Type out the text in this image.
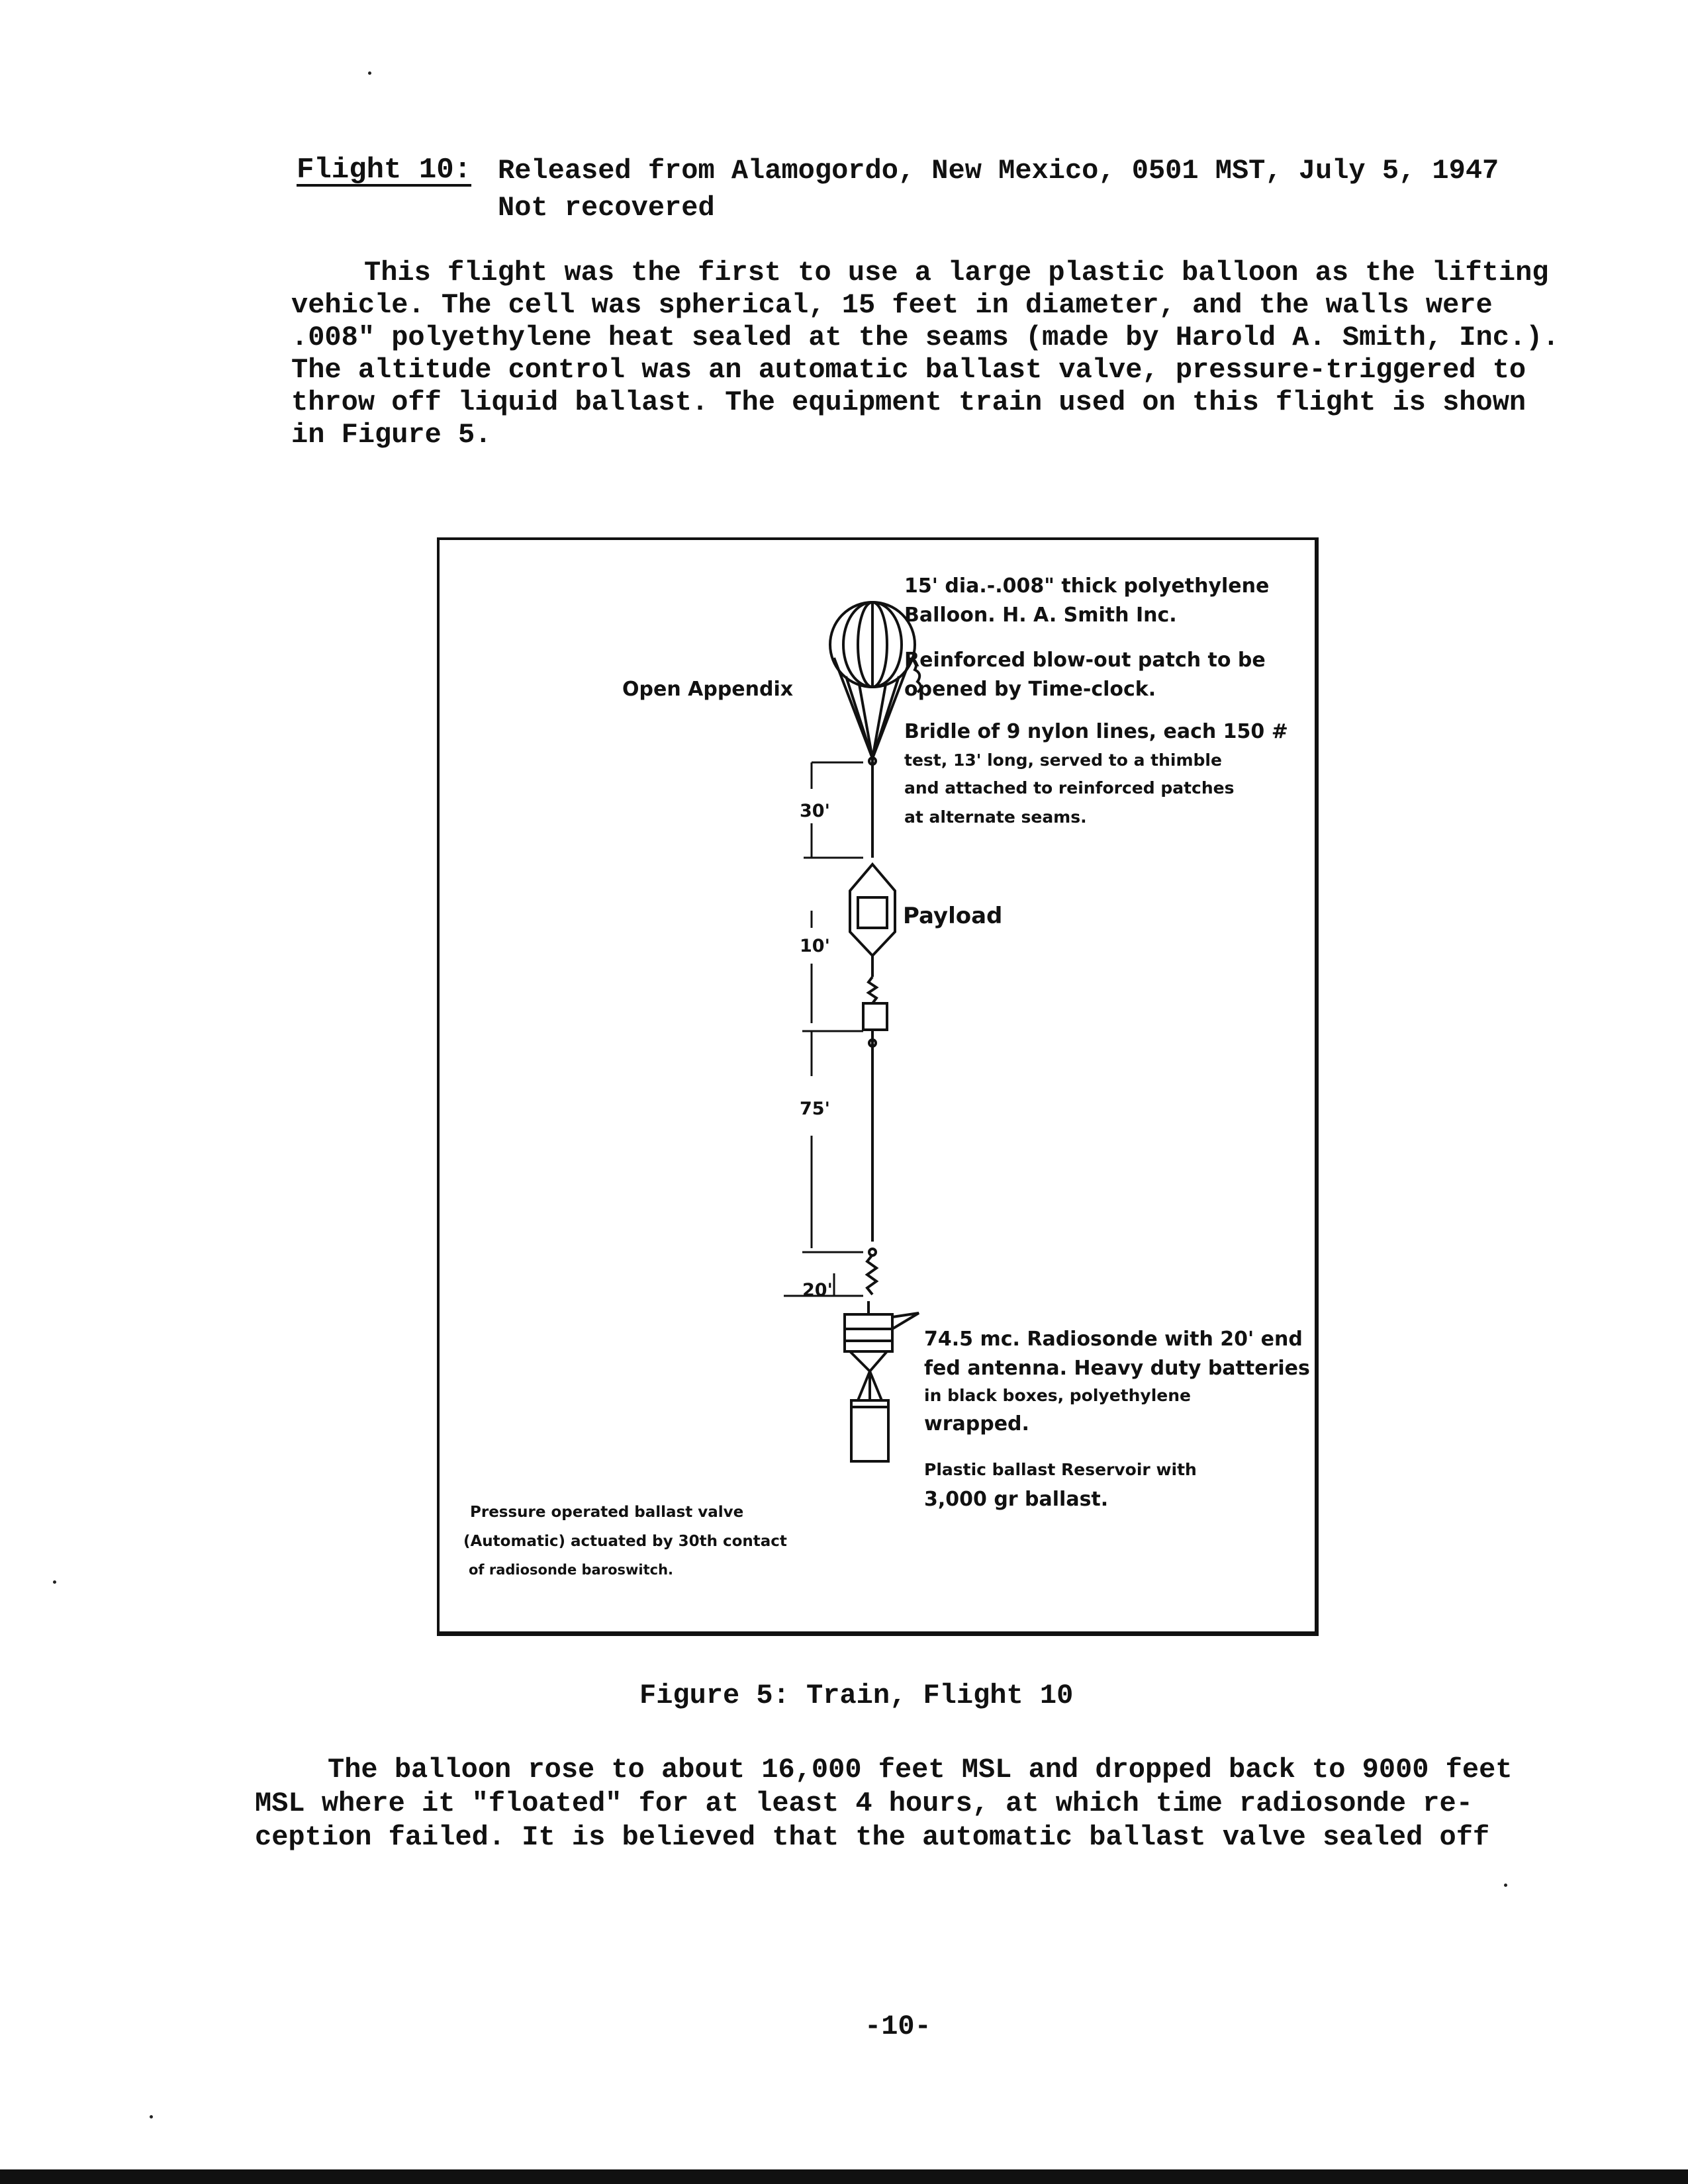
Flight 10: Released from Alamogordo, New Mexico, 0501 MST, July 5, 1947
Not recovered
This flight was the first to use a large plastic balloon as the lifting
vehicle. The cell was spherical, 15 feet in diameter, and the walls were
.008" polyethylene heat sealed at the seams (made by Harold A. Smith, Inc.).
The altitude control was an automatic ballast valve, pressure-triggered to
throw off liquid ballast. The equipment train used on this flight is shown
in Figure 5.
15' dia.-.008" thick polyethylene
Balloon. H. A. Smith Inc.
Reinforced blow-out patch to be
opened by Time-clock.
Bridle of 9 nylon lines, each 150 #
test, 13' long, served to a thimble
and attached to reinforced patches
at alternate seams.
Open Appendix
Payload
30'
10'
75'
20'
74.5 mc. Radiosonde with 20' end
fed antenna. Heavy duty batteries
in black boxes, polyethylene
wrapped.
Plastic ballast Reservoir with
3,000 gr ballast.
Pressure operated ballast valve
(Automatic) actuated by 30th contact
of radiosonde baroswitch.
Figure 5: Train, Flight 10
The balloon rose to about 16,000 feet MSL and dropped back to 9000 feet
MSL where it "floated" for at least 4 hours, at which time radiosonde re-
ception failed. It is believed that the automatic ballast valve sealed off
-10-
